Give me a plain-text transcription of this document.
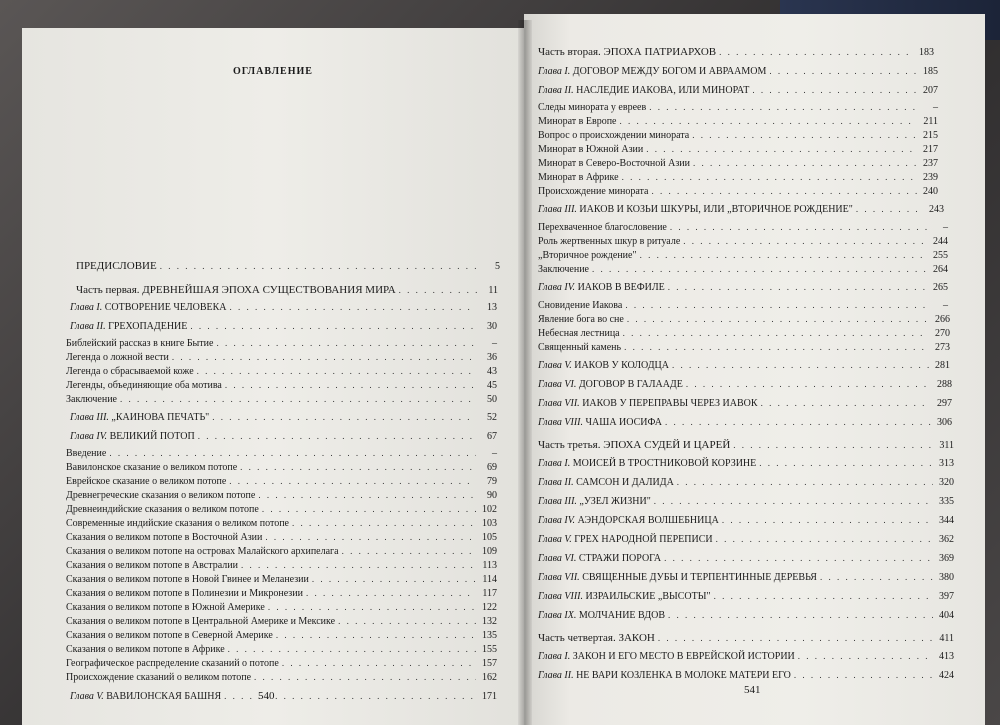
ОГЛАВЛЕНИЕ
ПРЕДИСЛОВИЕ . . .	5
Часть первая. ДРЕВНЕЙШАЯ ЭПОХА СУЩЕСТВОВАНИЯ МИРА . . .	11
Глава I. СОТВОРЕНИЕ ЧЕЛОВЕКА . . .	13
Глава II. ГРЕХОПАДЕНИЕ . . .	30
Библейский рассказ в книге Бытие . . .	–
Легенда о ложной вести . . .	36
Легенда о сбрасываемой коже . . .	43
Легенды, объединяющие оба мотива . . .	45
Заключение . . .	50
Глава III. „КАИНОВА ПЕЧАТЬ" . . .	52
Глава IV. ВЕЛИКИЙ ПОТОП . . .	67
Введение . . .	–
Вавилонское сказание о великом потопе . . .	69
Еврейское сказание о великом потопе . . .	79
Древнегреческие сказания о великом потопе . . .	90
Древнеиндийские сказания о великом потопе . . .	102
Современные индийские сказания о великом потопе . . .	103
Сказания о великом потопе в Восточной Азии . . .	105
Сказания о великом потопе на островах Малайского архипелага . . .	109
Сказания о великом потопе в Австралии . . .	113
Сказания о великом потопе в Новой Гвинее и Меланезии . . .	114
Сказания о великом потопе в Полинезии и Микронезии . . .	117
Сказания о великом потопе в Южной Америке . . .	122
Сказания о великом потопе в Центральной Америке и Мексике . . .	132
Сказания о великом потопе в Северной Америке . . .	135
Сказания о великом потопе в Африке . . .	155
Географическое распределение сказаний о потопе . . .	157
Происхождение сказаний о великом потопе . . .	162
Глава V. ВАВИЛОНСКАЯ БАШНЯ . . .	171
540
Часть вторая. ЭПОХА ПАТРИАРХОВ . . .	183
Глава I. ДОГОВОР МЕЖДУ БОГОМ И АВРААМОМ . . .	185
Глава II. НАСЛЕДИЕ ИАКОВА, ИЛИ МИНОРАТ . . .	207
Следы минората у евреев . . .	–
Минорат в Европе . . .	211
Вопрос о происхождении минората . . .	215
Минорат в Южной Азии . . .	217
Минорат в Северо-Восточной Азии . . .	237
Минорат в Африке . . .	239
Происхождение минората . . .	240
Глава III. ИАКОВ И КОЗЬИ ШКУРЫ, ИЛИ „ВТОРИЧНОЕ РОЖДЕНИЕ" . . .	243
Перехваченное благословение . . .	–
Роль жертвенных шкур в ритуале . . .	244
„Вторичное рождение" . . .	255
Заключение . . .	264
Глава IV. ИАКОВ В ВЕФИЛЕ . . .	265
Сновидение Иакова . . .	–
Явление бога во сне . . .	266
Небесная лестница . . .	270
Священный камень . . .	273
Глава V. ИАКОВ У КОЛОДЦА . . .	281
Глава VI. ДОГОВОР В ГАЛААДЕ . . .	288
Глава VII. ИАКОВ У ПЕРЕПРАВЫ ЧЕРЕЗ ИАВОК . . .	297
Глава VIII. ЧАША ИОСИФА . . .	306
Часть третья. ЭПОХА СУДЕЙ И ЦАРЕЙ . . .	311
Глава I. МОИСЕЙ В ТРОСТНИКОВОЙ КОРЗИНЕ . . .	313
Глава II. САМСОН И ДАЛИДА . . .	320
Глава III. „УЗЕЛ ЖИЗНИ" . . .	335
Глава IV. АЭНДОРСКАЯ ВОЛШЕБНИЦА . . .	344
Глава V. ГРЕХ НАРОДНОЙ ПЕРЕПИСИ . . .	362
Глава VI. СТРАЖИ ПОРОГА . . .	369
Глава VII. СВЯЩЕННЫЕ ДУБЫ И ТЕРПЕНТИННЫЕ ДЕРЕВЬЯ . . .	380
Глава VIII. ИЗРАИЛЬСКИЕ „ВЫСОТЫ" . . .	397
Глава IX. МОЛЧАНИЕ ВДОВ . . .	404
Часть четвертая. ЗАКОН . . .	411
Глава I. ЗАКОН И ЕГО МЕСТО В ЕВРЕЙСКОЙ ИСТОРИИ . . .	413
Глава II. НЕ ВАРИ КОЗЛЕНКА В МОЛОКЕ МАТЕРИ ЕГО . . .	424
541
